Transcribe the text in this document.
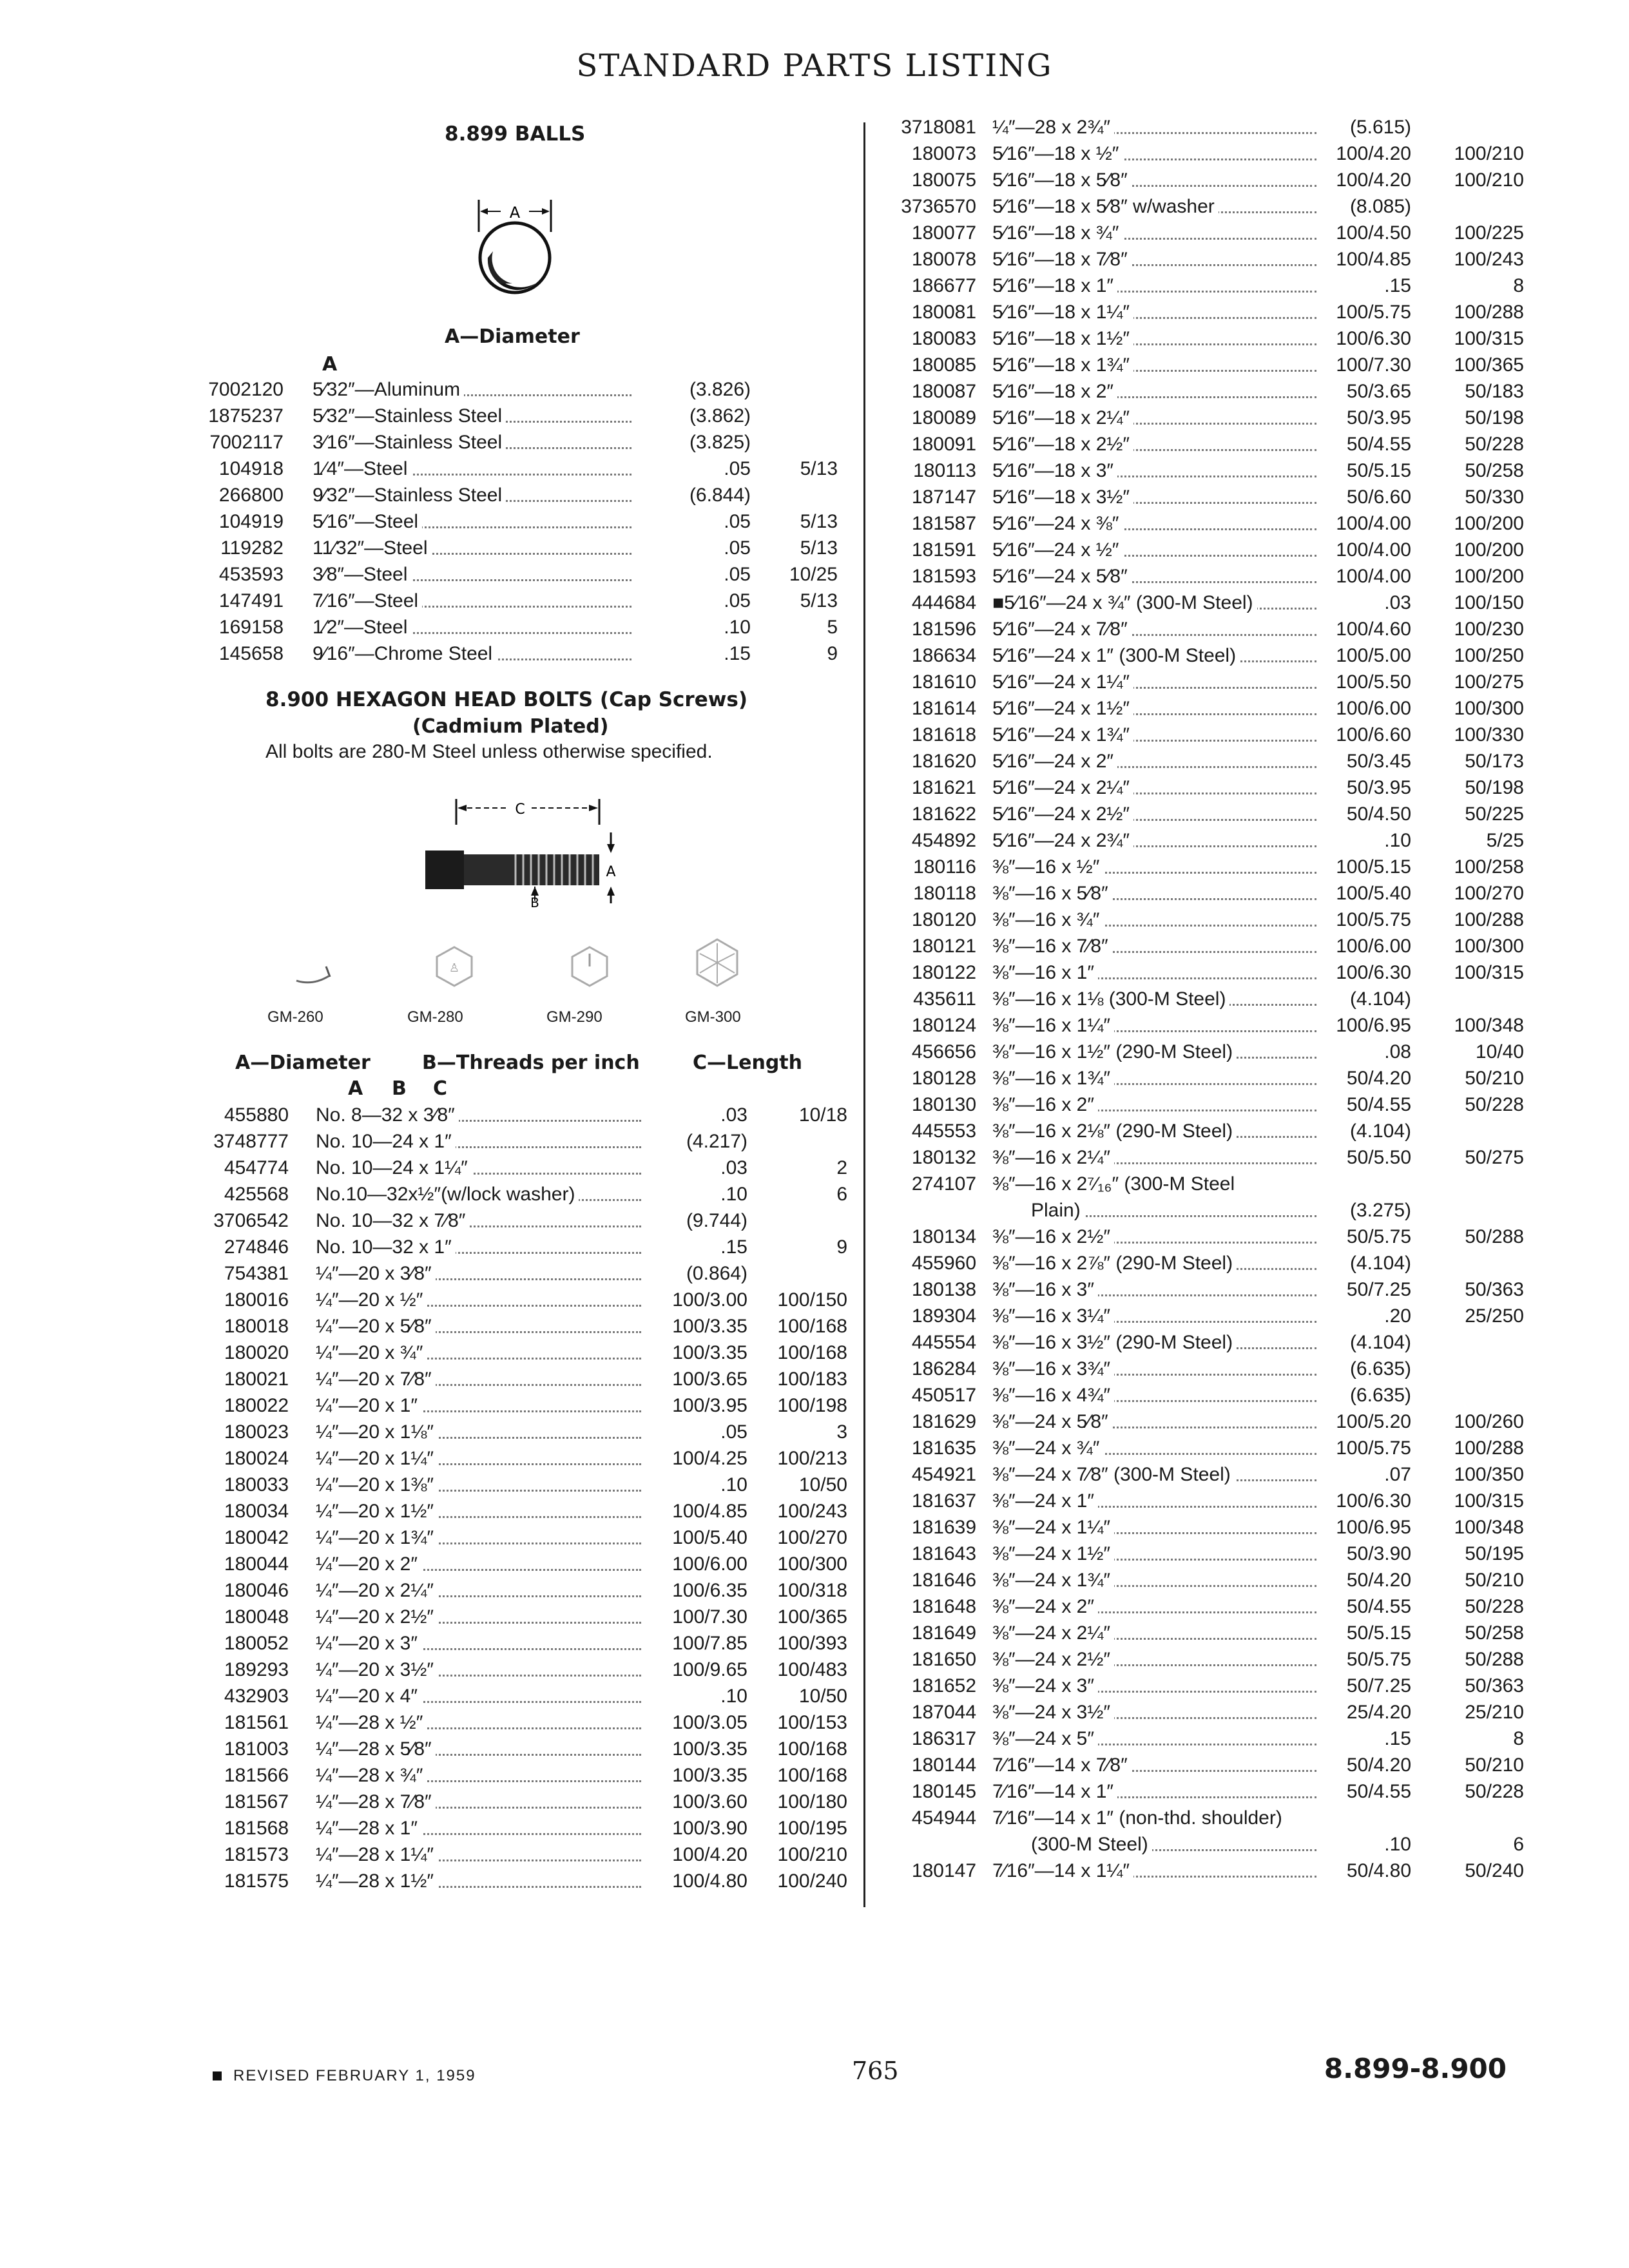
STANDARD PARTS LISTING
8.899 BALLS
A
A—Diameter
A
7002120 5⁄32″—Aluminum	(3.826)
1875237 5⁄32″—Stainless Steel	(3.862)
7002117 3⁄16″—Stainless Steel	(3.825)
104918 1⁄4″—Steel	.05	5/13
266800 9⁄32″—Stainless Steel	(6.844)
104919 5⁄16″—Steel	.05	5/13
119282 11⁄32″—Steel	.05	5/13
453593 3⁄8″—Steel	.05	10/25
147491 7⁄16″—Steel	.05	5/13
169158 1⁄2″—Steel	.10	5
145658 9⁄16″—Chrome Steel	.15	9
8.900 HEXAGON HEAD BOLTS (Cap Screws)
(Cadmium Plated)
All bolts are 280-M Steel unless otherwise specified.
C
A
B
♙
GM-260	GM-280	GM-290	GM-300
A—Diameter	B—Threads per inch	C—Length
A B C
455880 No. 8—32 x 3⁄8″	.03	10/18
3748777 No. 10—24 x 1″	(4.217)
454774 No. 10—24 x 1¼″	.03	2
425568 No.10—32x½″(w/lock washer)	.10	6
3706542 No. 10—32 x 7⁄8″	(9.744)
274846 No. 10—32 x 1″	.15	9
754381 ¼″—20 x 3⁄8″	(0.864)
180016 ¼″—20 x ½″	100/3.00	100/150
180018 ¼″—20 x 5⁄8″	100/3.35	100/168
180020 ¼″—20 x ¾″	100/3.35	100/168
180021 ¼″—20 x 7⁄8″	100/3.65	100/183
180022 ¼″—20 x 1″	100/3.95	100/198
180023 ¼″—20 x 1⅛″	.05	3
180024 ¼″—20 x 1¼″	100/4.25	100/213
180033 ¼″—20 x 1⅜″	.10	10/50
180034 ¼″—20 x 1½″	100/4.85	100/243
180042 ¼″—20 x 1¾″	100/5.40	100/270
180044 ¼″—20 x 2″	100/6.00	100/300
180046 ¼″—20 x 2¼″	100/6.35	100/318
180048 ¼″—20 x 2½″	100/7.30	100/365
180052 ¼″—20 x 3″	100/7.85	100/393
189293 ¼″—20 x 3½″	100/9.65	100/483
432903 ¼″—20 x 4″	.10	10/50
181561 ¼″—28 x ½″	100/3.05	100/153
181003 ¼″—28 x 5⁄8″	100/3.35	100/168
181566 ¼″—28 x ¾″	100/3.35	100/168
181567 ¼″—28 x 7⁄8″	100/3.60	100/180
181568 ¼″—28 x 1″	100/3.90	100/195
181573 ¼″—28 x 1¼″	100/4.20	100/210
181575 ¼″—28 x 1½″	100/4.80	100/240
3718081 ¼″—28 x 2¾″	(5.615)
180073 5⁄16″—18 x ½″	100/4.20	100/210
180075 5⁄16″—18 x 5⁄8″	100/4.20	100/210
3736570 5⁄16″—18 x 5⁄8″ w/washer	(8.085)
180077 5⁄16″—18 x ¾″	100/4.50	100/225
180078 5⁄16″—18 x 7⁄8″	100/4.85	100/243
186677 5⁄16″—18 x 1″	.15	8
180081 5⁄16″—18 x 1¼″	100/5.75	100/288
180083 5⁄16″—18 x 1½″	100/6.30	100/315
180085 5⁄16″—18 x 1¾″	100/7.30	100/365
180087 5⁄16″—18 x 2″	50/3.65	50/183
180089 5⁄16″—18 x 2¼″	50/3.95	50/198
180091 5⁄16″—18 x 2½″	50/4.55	50/228
180113 5⁄16″—18 x 3″	50/5.15	50/258
187147 5⁄16″—18 x 3½″	50/6.60	50/330
181587 5⁄16″—24 x ⅜″	100/4.00	100/200
181591 5⁄16″—24 x ½″	100/4.00	100/200
181593 5⁄16″—24 x 5⁄8″	100/4.00	100/200
444684 ■5⁄16″—24 x ¾″ (300-M Steel)	.03	100/150
181596 5⁄16″—24 x 7⁄8″	100/4.60	100/230
186634 5⁄16″—24 x 1″ (300-M Steel)	100/5.00	100/250
181610 5⁄16″—24 x 1¼″	100/5.50	100/275
181614 5⁄16″—24 x 1½″	100/6.00	100/300
181618 5⁄16″—24 x 1¾″	100/6.60	100/330
181620 5⁄16″—24 x 2″	50/3.45	50/173
181621 5⁄16″—24 x 2¼″	50/3.95	50/198
181622 5⁄16″—24 x 2½″	50/4.50	50/225
454892 5⁄16″—24 x 2¾″	.10	5/25
180116 ⅜″—16 x ½″	100/5.15	100/258
180118 ⅜″—16 x 5⁄8″	100/5.40	100/270
180120 ⅜″—16 x ¾″	100/5.75	100/288
180121 ⅜″—16 x 7⁄8″	100/6.00	100/300
180122 ⅜″—16 x 1″	100/6.30	100/315
435611 ⅜″—16 x 1⅛ (300-M Steel)	(4.104)
180124 ⅜″—16 x 1¼″	100/6.95	100/348
456656 ⅜″—16 x 1½″ (290-M Steel)	.08	10/40
180128 ⅜″—16 x 1¾″	50/4.20	50/210
180130 ⅜″—16 x 2″	50/4.55	50/228
445553 ⅜″—16 x 2⅛″ (290-M Steel)	(4.104)
180132 ⅜″—16 x 2¼″	50/5.50	50/275
274107 ⅜″—16 x 2⁷⁄₁₆″ (300-M Steel
Plain)	(3.275)
180134 ⅜″—16 x 2½″	50/5.75	50/288
455960 ⅜″—16 x 2⅞″ (290-M Steel)	(4.104)
180138 ⅜″—16 x 3″	50/7.25	50/363
189304 ⅜″—16 x 3¼″	.20	25/250
445554 ⅜″—16 x 3½″ (290-M Steel)	(4.104)
186284 ⅜″—16 x 3¾″	(6.635)
450517 ⅜″—16 x 4¾″	(6.635)
181629 ⅜″—24 x 5⁄8″	100/5.20	100/260
181635 ⅜″—24 x ¾″	100/5.75	100/288
454921 ⅜″—24 x 7⁄8″ (300-M Steel)	.07	100/350
181637 ⅜″—24 x 1″	100/6.30	100/315
181639 ⅜″—24 x 1¼″	100/6.95	100/348
181643 ⅜″—24 x 1½″	50/3.90	50/195
181646 ⅜″—24 x 1¾″	50/4.20	50/210
181648 ⅜″—24 x 2″	50/4.55	50/228
181649 ⅜″—24 x 2¼″	50/5.15	50/258
181650 ⅜″—24 x 2½″	50/5.75	50/288
181652 ⅜″—24 x 3″	50/7.25	50/363
187044 ⅜″—24 x 3½″	25/4.20	25/210
186317 ⅜″—24 x 5″	.15	8
180144 7⁄16″—14 x 7⁄8″	50/4.20	50/210
180145 7⁄16″—14 x 1″	50/4.55	50/228
454944 7⁄16″—14 x 1″ (non-thd. shoulder)
(300-M Steel)	.10	6
180147 7⁄16″—14 x 1¼″	50/4.80	50/240
REVISED FEBRUARY 1, 1959	765	8.899-8.900
